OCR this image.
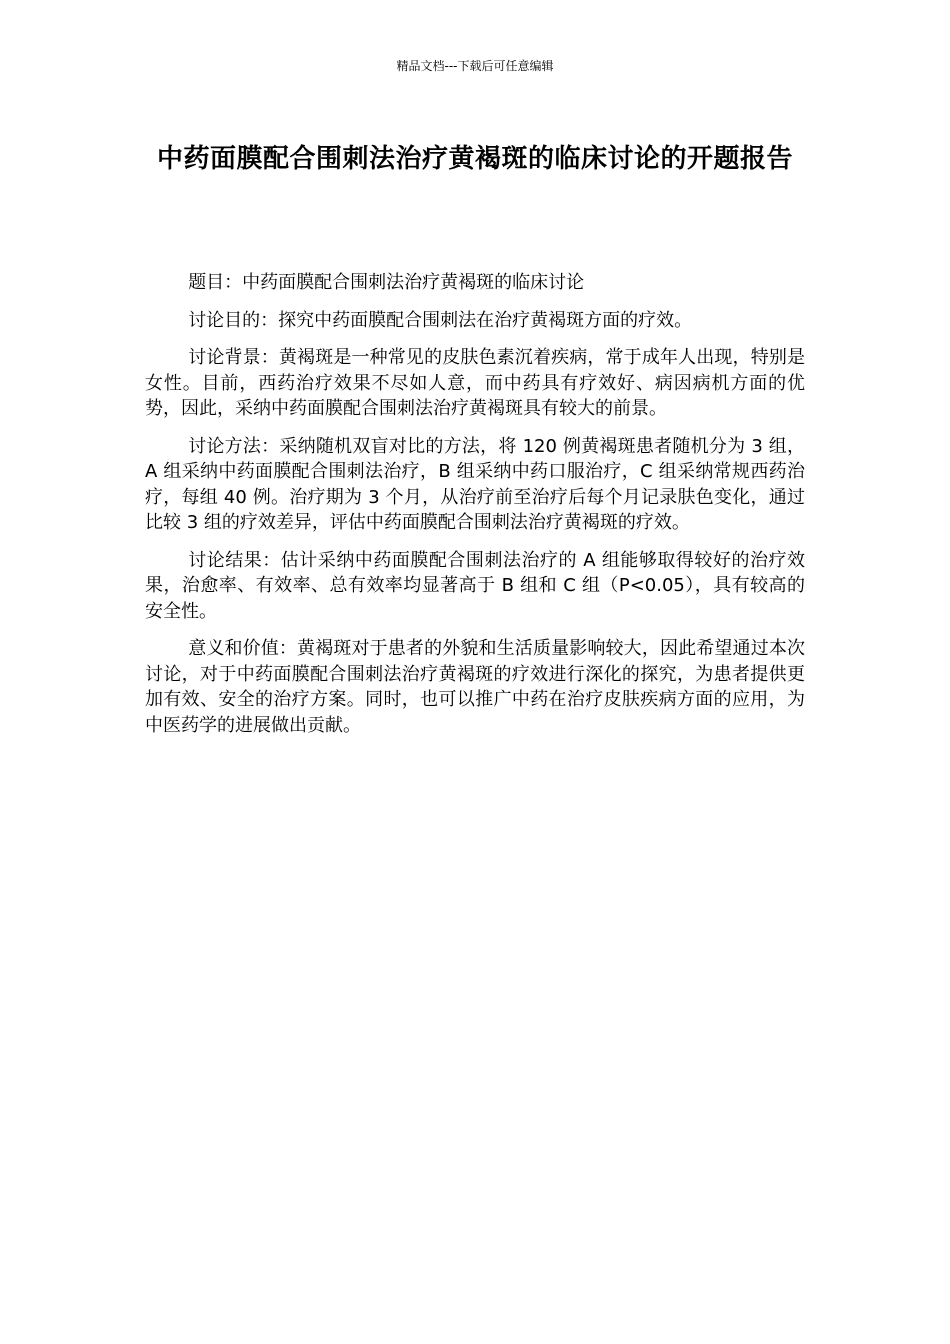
精品文档---下载后可任意编辑
中药面膜配合围刺法治疗黄褐斑的临床讨论的开题报告

题目：中药面膜配合围刺法治疗黄褐斑的临床讨论

讨论目的：探究中药面膜配合围刺法在治疗黄褐斑方面的疗效。

讨论背景：黄褐斑是一种常见的皮肤色素沉着疾病，常于成年人出现，特别是女性。目前，西药治疗效果不尽如人意，而中药具有疗效好、病因病机方面的优势，因此，采纳中药面膜配合围刺法治疗黄褐斑具有较大的前景。

讨论方法：采纳随机双盲对比的方法，将 120 例黄褐斑患者随机分为 3 组，A 组采纳中药面膜配合围刺法治疗，B 组采纳中药口服治疗，C 组采纳常规西药治疗，每组 40 例。治疗期为 3 个月，从治疗前至治疗后每个月记录肤色变化，通过比较 3 组的疗效差异，评估中药面膜配合围刺法治疗黄褐斑的疗效。

讨论结果：估计采纳中药面膜配合围刺法治疗的 A 组能够取得较好的治疗效果，治愈率、有效率、总有效率均显著高于 B 组和 C 组（P<0.05），具有较高的安全性。

意义和价值：黄褐斑对于患者的外貌和生活质量影响较大，因此希望通过本次讨论，对于中药面膜配合围刺法治疗黄褐斑的疗效进行深化的探究，为患者提供更加有效、安全的治疗方案。同时，也可以推广中药在治疗皮肤疾病方面的应用，为中医药学的进展做出贡献。
